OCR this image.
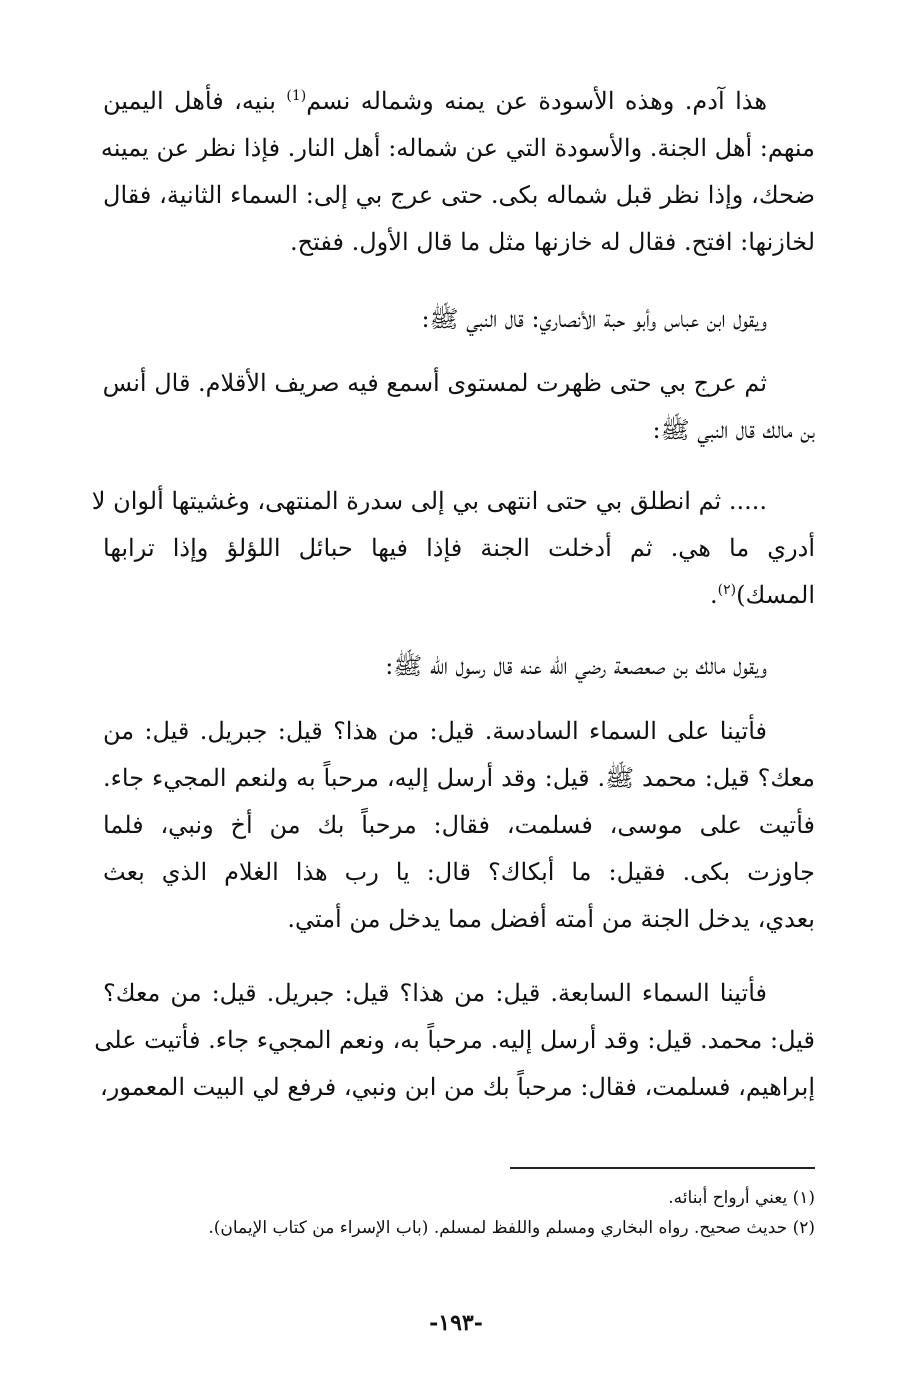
هذا آدم. وهذه الأسودة عن يمنه وشماله نسم$^{(1)}$ بنيه، فأهل اليمين
منهم: أهل الجنة. والأسودة التي عن شماله: أهل النار. فإذا نظر عن يمينه
ضحك، وإذا نظر قبل شماله بكى. حتى عرج بي إلى: السماء الثانية، فقال
لخازنها: افتح. فقال له خازنها مثل ما قال الأول. ففتح.

ويقول ابن عباس وأبو حبة الأنصاري: قال النبي ﷺ:

ثم عرج بي حتى ظهرت لمستوى أسمع فيه صريف الأقلام. قال أنس
بن مالك قال النبي ﷺ:

..... ثم انطلق بي حتى انتهى بي إلى سدرة المنتهى، وغشيتها ألوان لا
أدري ما هي. ثم أدخلت الجنة فإذا فيها حبائل اللؤلؤ وإذا ترابها
المسك)$^{(٢)}$.

ويقول مالك بن صعصعة رضي الله عنه قال رسول الله ﷺ:

فأتينا على السماء السادسة. قيل: من هذا؟ قيل: جبريل. قيل: من
معك؟ قيل: محمد ﷺ. قيل: وقد أرسل إليه، مرحباً به ولنعم المجيء جاء.
فأتيت على موسى، فسلمت، فقال: مرحباً بك من أخ ونبي، فلما
جاوزت بكى. فقيل: ما أبكاك؟ قال: يا رب هذا الغلام الذي بعث
بعدي، يدخل الجنة من أمته أفضل مما يدخل من أمتي.

فأتينا السماء السابعة. قيل: من هذا؟ قيل: جبريل. قيل: من معك؟
قيل: محمد. قيل: وقد أرسل إليه. مرحباً به، ونعم المجيء جاء. فأتيت على
إبراهيم، فسلمت، فقال: مرحباً بك من ابن ونبي، فرفع لي البيت المعمور،

(١) يعني أرواح أبنائه.
(٢) حديث صحيح. رواه البخاري ومسلم واللفظ لمسلم. (باب الإسراء من كتاب الإيمان).
-١٩٣-
